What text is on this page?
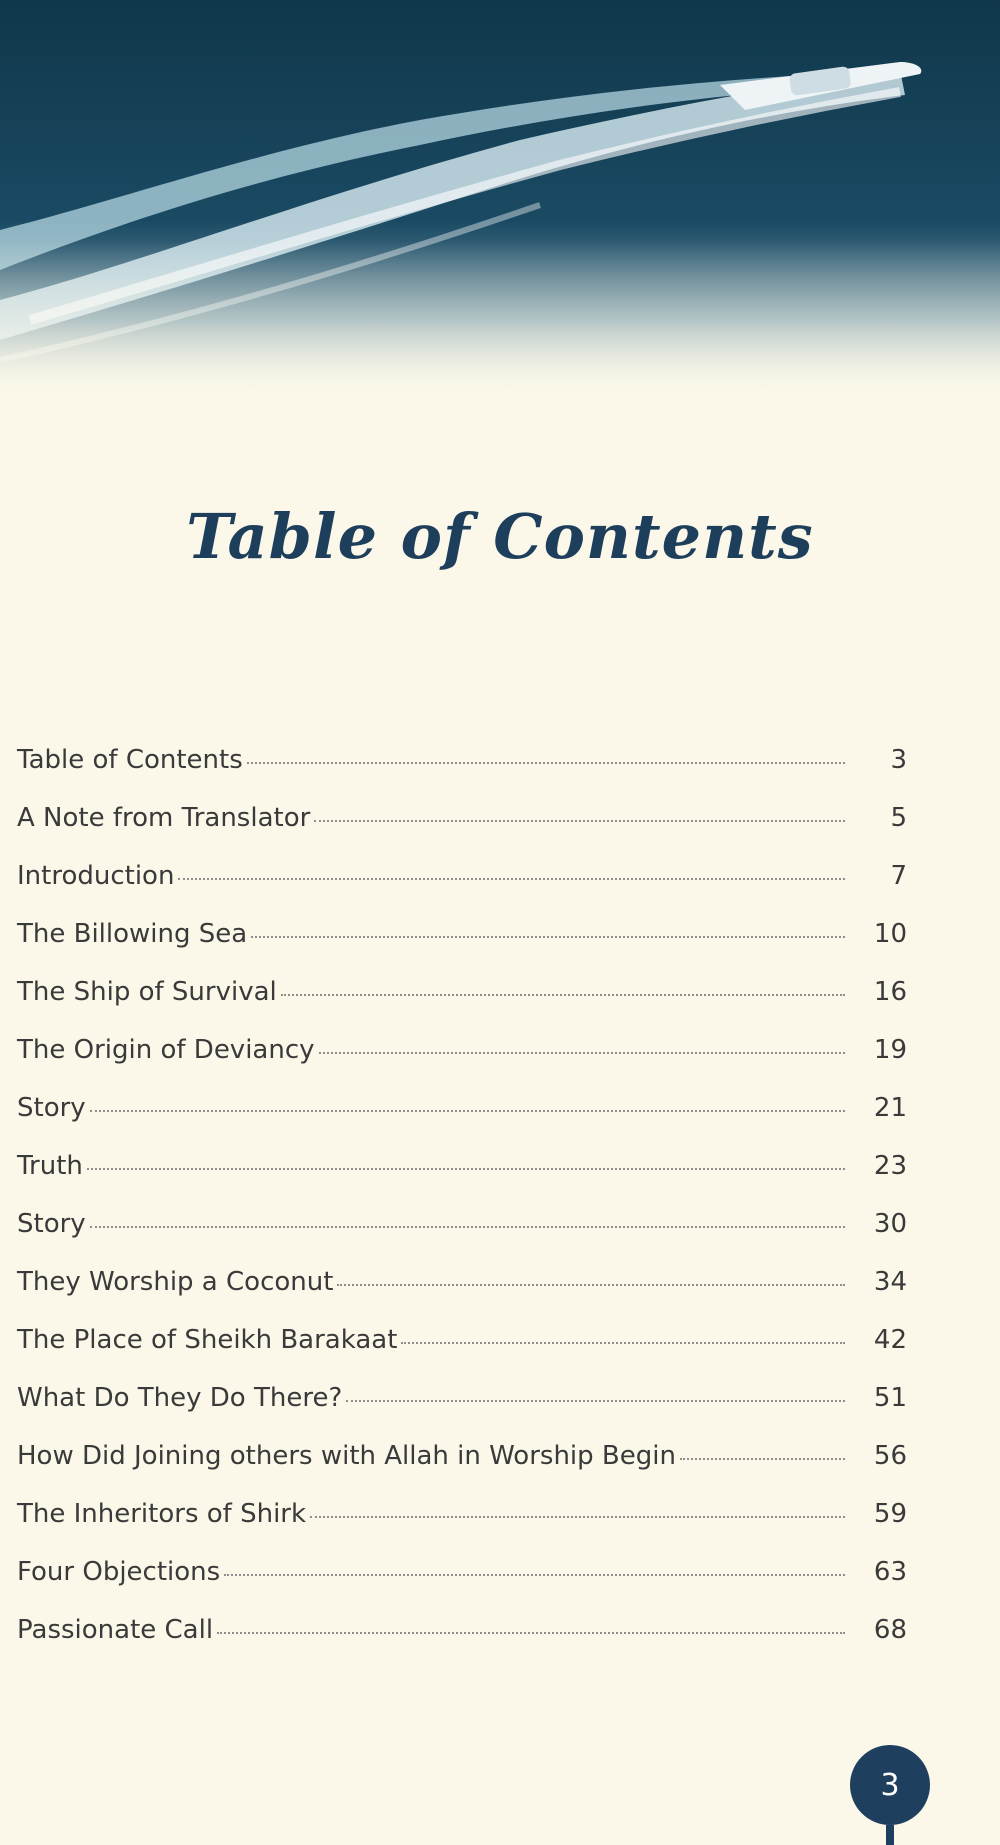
Table of Contents
Table of Contents	3
A Note from Translator	5
Introduction	7
The Billowing Sea	10
The Ship of Survival	16
The Origin of Deviancy	19
Story	21
Truth	23
Story	30
They Worship a Coconut	34
The Place of Sheikh Barakaat	42
What Do They Do There?	51
How Did Joining others with Allah in Worship Begin	56
The Inheritors of Shirk	59
Four Objections	63
Passionate Call	68
3
